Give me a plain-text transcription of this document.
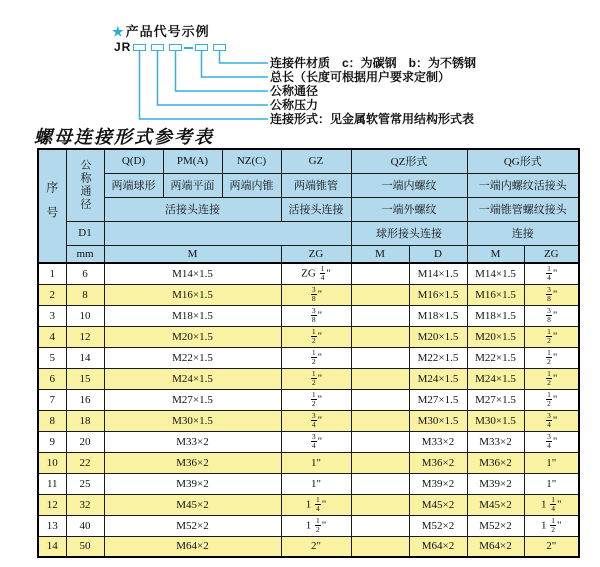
★产品代号示例
JR
连接件材质　c：为碳钢　b：为不锈钢
总长（长度可根据用户要求定制）
公称通径
公称压力
连接形式：见金属软管常用结构形式表
螺母连接形式参考表
序号	公称通径	Q(D)	PM(A)	NZ(C)	GZ	QZ形式		QG形式	
		两端球形	两端平面	两端内锥	两端锥管	一端内螺纹		一端内螺纹活接头	
		活接头连接			活接头连接	一端外螺纹		一端锥管螺纹接头	
	D1					球形接头连接		连接	
	mm	M			ZG	M	D	M	ZG
1	6	M14×1.5			ZG $\frac{1}{4}$ "		M14×1.5	M14×1.5	$\frac{1}{4}$ "
2	8	M16×1.5			$\frac{3}{8}$ "		M16×1.5	M16×1.5	$\frac{3}{8}$ "
3	10	M18×1.5			$\frac{3}{8}$ "		M18×1.5	M18×1.5	$\frac{3}{8}$ "
4	12	M20×1.5			$\frac{1}{2}$ "		M20×1.5	M20×1.5	$\frac{1}{2}$ "
5	14	M22×1.5			$\frac{1}{2}$ "		M22×1.5	M22×1.5	$\frac{1}{2}$ "
6	15	M24×1.5			$\frac{1}{2}$ "		M24×1.5	M24×1.5	$\frac{1}{2}$ "
7	16	M27×1.5			$\frac{1}{2}$ "		M27×1.5	M27×1.5	$\frac{1}{2}$ "
8	18	M30×1.5			$\frac{3}{4}$ "		M30×1.5	M30×1.5	$\frac{3}{4}$ "
9	20	M33×2			$\frac{3}{4}$ "		M33×2	M33×2	$\frac{3}{4}$ "
10	22	M36×2			1"		M36×2	M36×2	1"
11	25	M39×2			1"		M39×2	M39×2	1"
12	32	M45×2			$1 \frac{1}{4}$ "		M45×2	M45×2	$1 \frac{1}{4}$ "
13	40	M52×2			$1 \frac{1}{2}$ "		M52×2	M52×2	$1 \frac{1}{2}$ "
14	50	M64×2			2"		M64×2	M64×2	2"
